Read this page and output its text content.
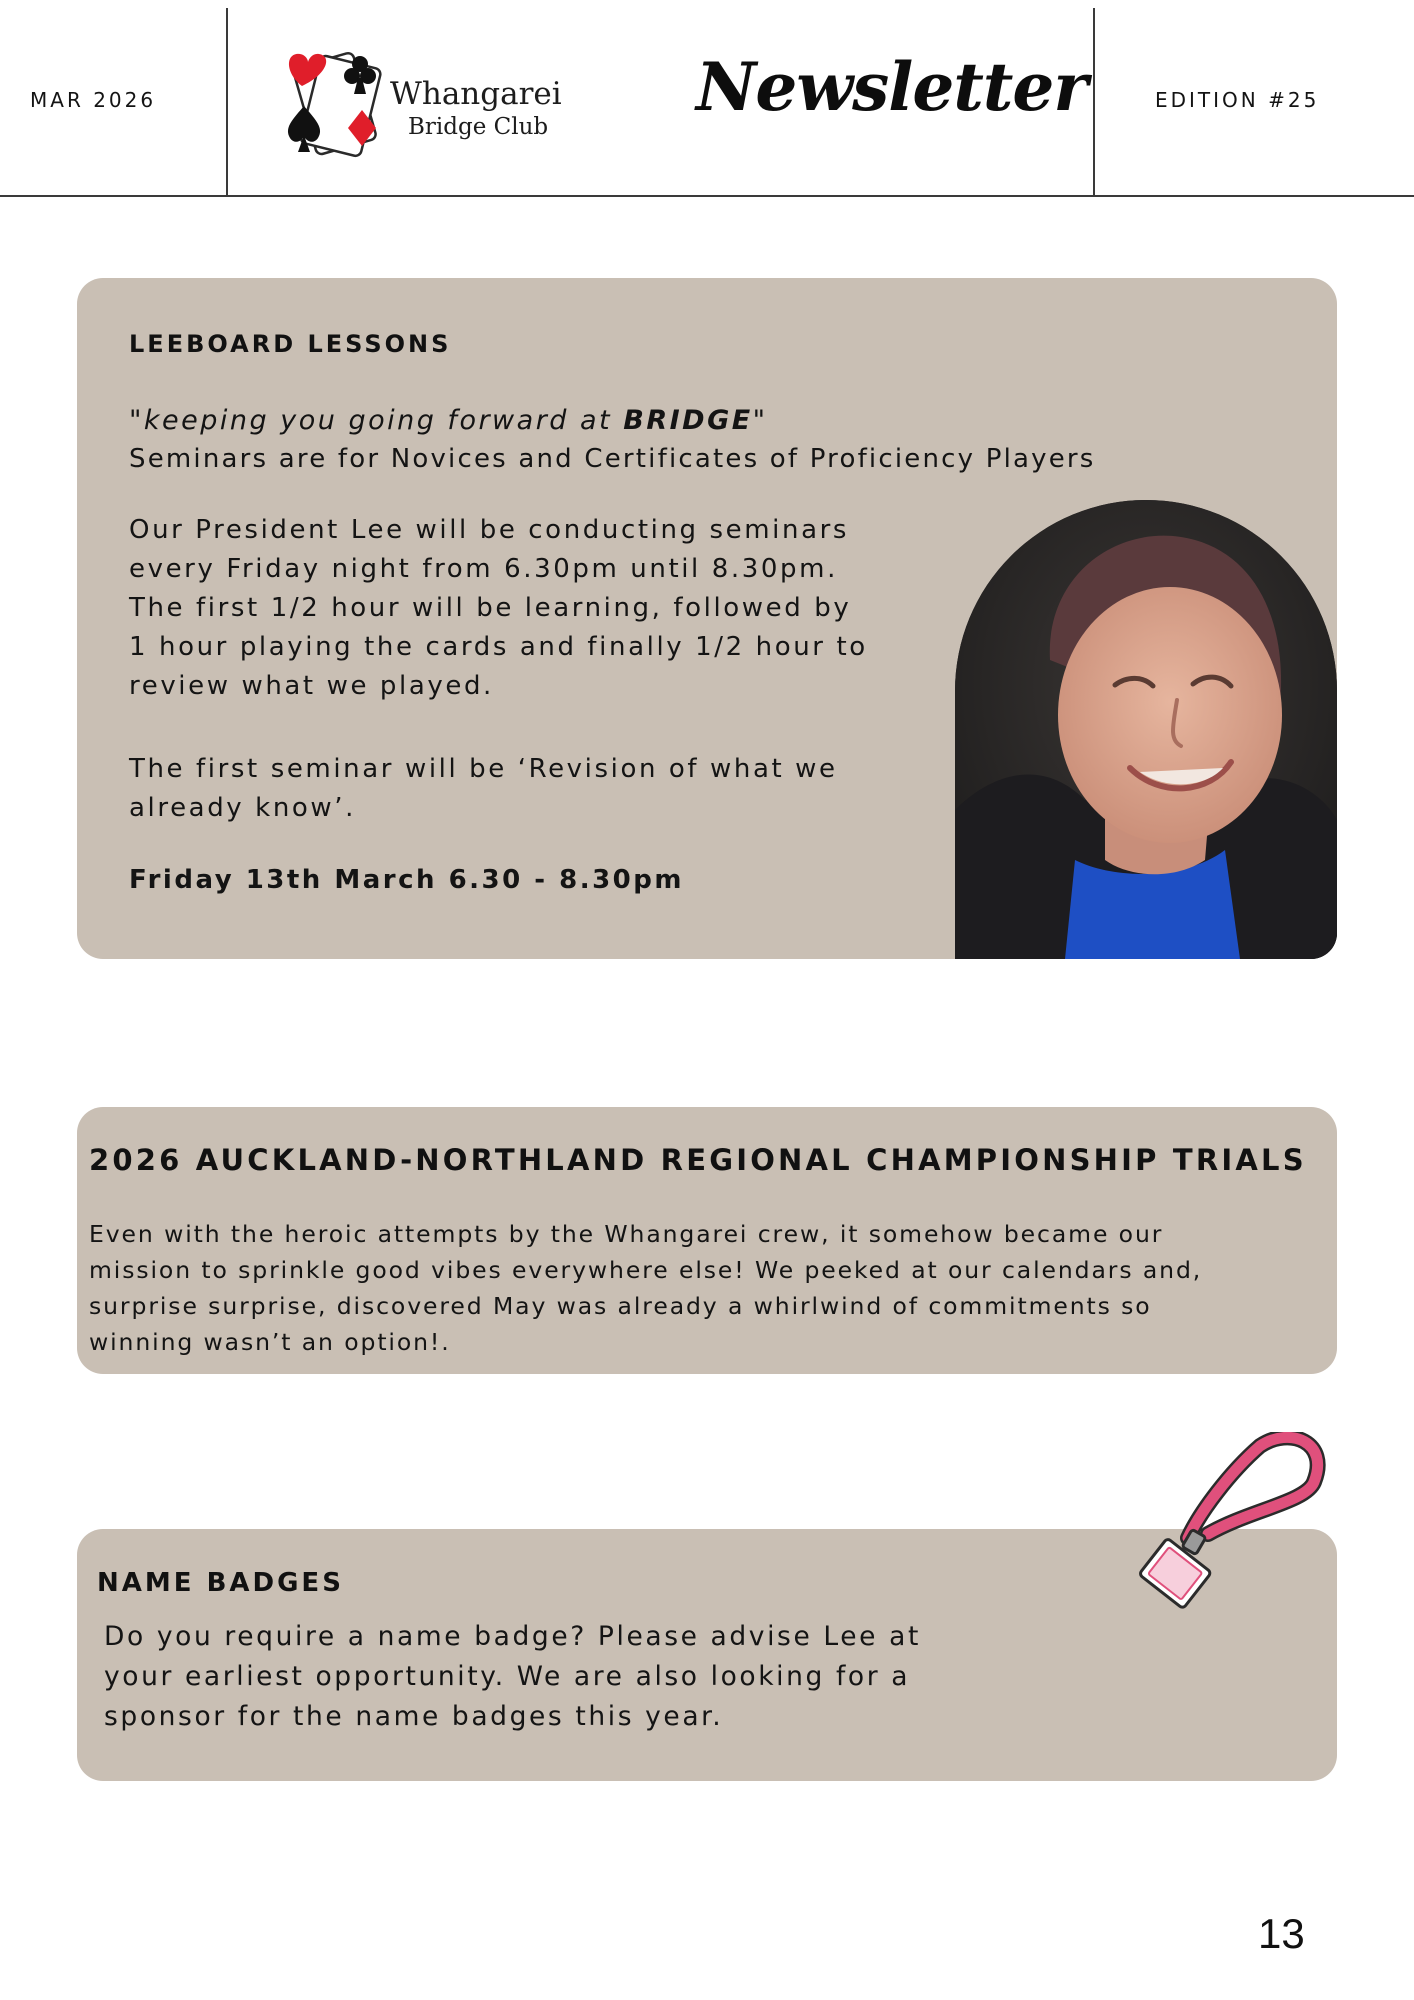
MAR 2026	Whangarei
Bridge Club
Newsletter	EDITION #25
LEEBOARD LESSONS
"keeping you going forward at BRIDGE"
Seminars are for Novices and Certificates of Proficiency Players
Our President Lee will be conducting seminars
every Friday night from 6.30pm until 8.30pm.
The first 1/2 hour will be learning, followed by
1 hour playing the cards and finally 1/2 hour to
review what we played.
The first seminar will be ‘Revision of what we
already know’.
Friday 13th March 6.30 - 8.30pm
2026 AUCKLAND-NORTHLAND REGIONAL CHAMPIONSHIP TRIALS
Even with the heroic attempts by the Whangarei crew, it somehow became our
mission to sprinkle good vibes everywhere else! We peeked at our calendars and,
surprise surprise, discovered May was already a whirlwind of commitments so
winning wasn’t an option!.
NAME BADGES
Do you require a name badge? Please advise Lee at
your earliest opportunity. We are also looking for a
sponsor for the name badges this year.
13
